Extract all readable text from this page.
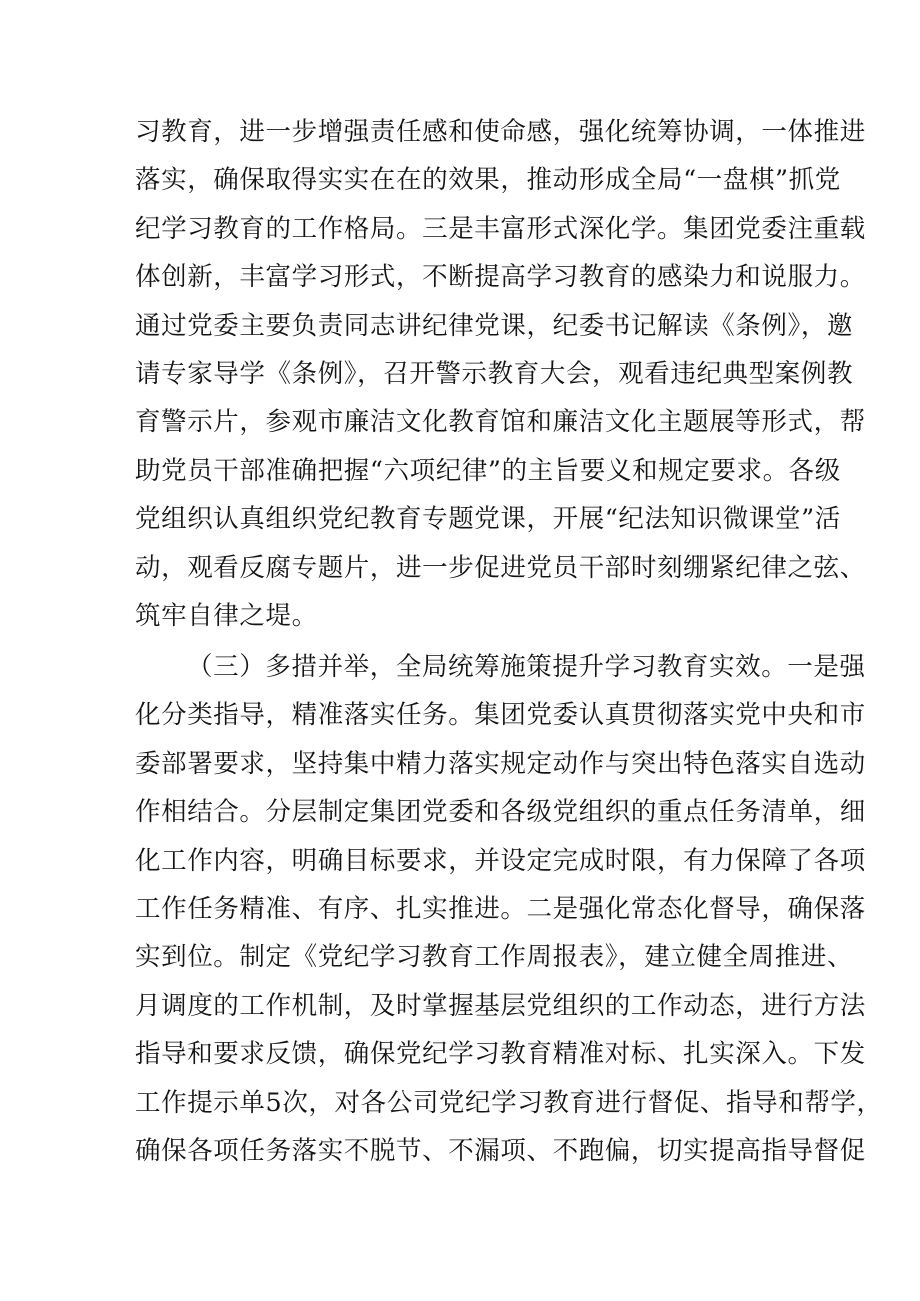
习教育，进一步增强责任感和使命感，强化统筹协调，一体推进
落实，确保取得实实在在的效果，推动形成全局“一盘棋”抓党
纪学习教育的工作格局。三是丰富形式深化学。集团党委注重载
体创新，丰富学习形式，不断提高学习教育的感染力和说服力。
通过党委主要负责同志讲纪律党课，纪委书记解读《条例》，邀
请专家导学《条例》，召开警示教育大会，观看违纪典型案例教
育警示片，参观市廉洁文化教育馆和廉洁文化主题展等形式，帮
助党员干部准确把握“六项纪律”的主旨要义和规定要求。各级
党组织认真组织党纪教育专题党课，开展“纪法知识微课堂”活
动，观看反腐专题片，进一步促进党员干部时刻绷紧纪律之弦、
筑牢自律之堤。
（三）多措并举，全局统筹施策提升学习教育实效。一是强
化分类指导，精准落实任务。集团党委认真贯彻落实党中央和市
委部署要求，坚持集中精力落实规定动作与突出特色落实自选动
作相结合。分层制定集团党委和各级党组织的重点任务清单，细
化工作内容，明确目标要求，并设定完成时限，有力保障了各项
工作任务精准、有序、扎实推进。二是强化常态化督导，确保落
实到位。制定《党纪学习教育工作周报表》，建立健全周推进、
月调度的工作机制，及时掌握基层党组织的工作动态，进行方法
指导和要求反馈，确保党纪学习教育精准对标、扎实深入。下发
工作提示单5次，对各公司党纪学习教育进行督促、指导和帮学，
确保各项任务落实不脱节、不漏项、不跑偏，切实提高指导督促
